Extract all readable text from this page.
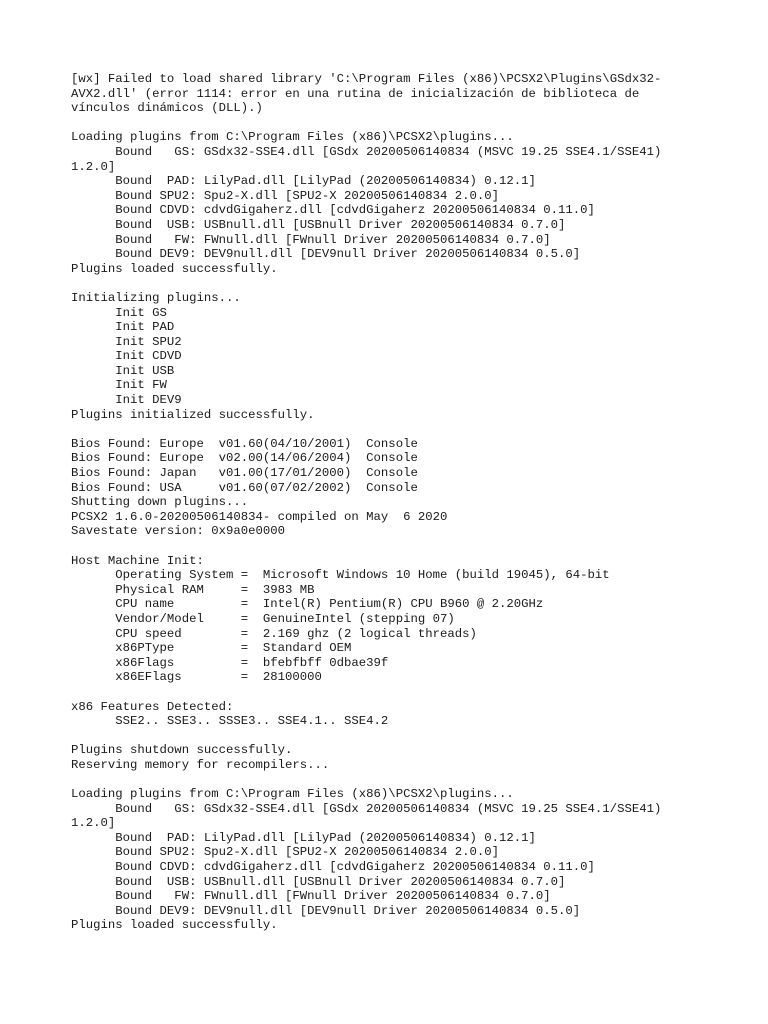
[wx] Failed to load shared library 'C:\Program Files (x86)\PCSX2\Plugins\GSdx32-
AVX2.dll' (error 1114: error en una rutina de inicialización de biblioteca de
vínculos dinámicos (DLL).)
Loading plugins from C:\Program Files (x86)\PCSX2\plugins...
Bound   GS: GSdx32-SSE4.dll [GSdx 20200506140834 (MSVC 19.25 SSE4.1/SSE41)
1.2.0]
Bound  PAD: LilyPad.dll [LilyPad (20200506140834) 0.12.1]
Bound SPU2: Spu2-X.dll [SPU2-X 20200506140834 2.0.0]
Bound CDVD: cdvdGigaherz.dll [cdvdGigaherz 20200506140834 0.11.0]
Bound  USB: USBnull.dll [USBnull Driver 20200506140834 0.7.0]
Bound   FW: FWnull.dll [FWnull Driver 20200506140834 0.7.0]
Bound DEV9: DEV9null.dll [DEV9null Driver 20200506140834 0.5.0]
Plugins loaded successfully.
Initializing plugins...
Init GS
Init PAD
Init SPU2
Init CDVD
Init USB
Init FW
Init DEV9
Plugins initialized successfully.
Bios Found: Europe  v01.60(04/10/2001)  Console
Bios Found: Europe  v02.00(14/06/2004)  Console
Bios Found: Japan   v01.00(17/01/2000)  Console
Bios Found: USA     v01.60(07/02/2002)  Console
Shutting down plugins...
PCSX2 1.6.0-20200506140834- compiled on May  6 2020
Savestate version: 0x9a0e0000
Host Machine Init:
Operating System =  Microsoft Windows 10 Home (build 19045), 64-bit
Physical RAM     =  3983 MB
CPU name         =  Intel(R) Pentium(R) CPU B960 @ 2.20GHz
Vendor/Model     =  GenuineIntel (stepping 07)
CPU speed        =  2.169 ghz (2 logical threads)
x86PType         =  Standard OEM
x86Flags         =  bfebfbff 0dbae39f
x86EFlags        =  28100000
x86 Features Detected:
SSE2.. SSE3.. SSSE3.. SSE4.1.. SSE4.2
Plugins shutdown successfully.
Reserving memory for recompilers...
Loading plugins from C:\Program Files (x86)\PCSX2\plugins...
Bound   GS: GSdx32-SSE4.dll [GSdx 20200506140834 (MSVC 19.25 SSE4.1/SSE41)
1.2.0]
Bound  PAD: LilyPad.dll [LilyPad (20200506140834) 0.12.1]
Bound SPU2: Spu2-X.dll [SPU2-X 20200506140834 2.0.0]
Bound CDVD: cdvdGigaherz.dll [cdvdGigaherz 20200506140834 0.11.0]
Bound  USB: USBnull.dll [USBnull Driver 20200506140834 0.7.0]
Bound   FW: FWnull.dll [FWnull Driver 20200506140834 0.7.0]
Bound DEV9: DEV9null.dll [DEV9null Driver 20200506140834 0.5.0]
Plugins loaded successfully.
